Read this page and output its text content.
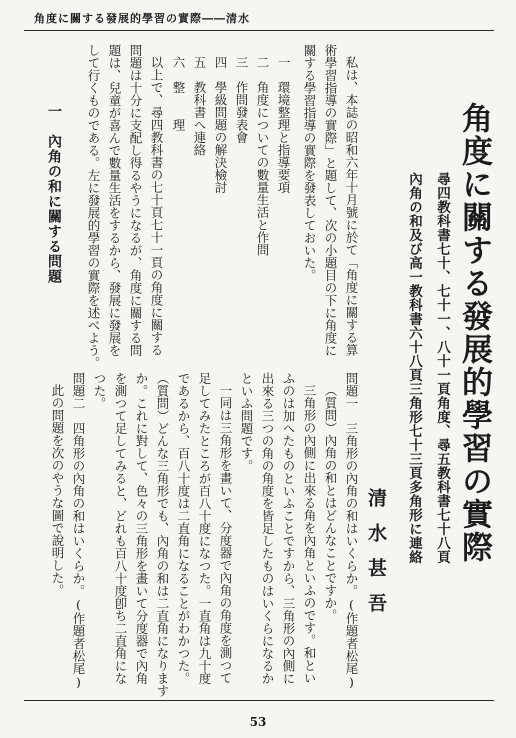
角度に關する發展的學習の實際――清水
角度に關する發展的學習の實際
尋四教科書七十、七十一、八十一頁角度、尋五教科書七十八頁
內角の和及び高一教科書六十八頁三角形七十三頁多角形に連絡
清水甚吾
私は、本誌の昭和六年十月號に於て「角度に關する算
術學習指導の實際」と題して、次の小題目の下に角度に
關する學習指導の實際を發表しておいた。
一　環境整理と指導要項
二　角度についての數量生活と作問
三　作問發表會
四　學級問題の解決檢討
五　教科書へ連絡
六　整　　理
以上で、尋四教科書の七十頁七十一頁の角度に關する
問題は十分に支配し得るやうになるが、角度に關する問
題は、兒童が喜んで數量生活をするから、發展に發展を
して行くものである。左に發展的學習の實際を述べよう。
一　內角の和に關する問題
問題一　三角形の內角の和はいくらか。(作題者松尾)
（質問）內角の和とはどんなことですか。
三角形の內側に出來る角を內角といふのです。和とい
ふのは加へたものといふことですから、三角形の內側に
出來る三つの角の角度を皆足したものはいくらになるか
といふ問題です。
一同は三角形を畫いて、分度器で內角の角度を測つて
足してみたところが百八十度になつた。一直角は九十度
であるから、百八十度は二直角になることがわかつた。
（質問）どんな三角形でも、內角の和は二直角になります
か。これに對して、色々の三角形を畫いて分度器で內角
を測つて足してみると、どれも百八十度卽ち二直角にな
つた。
問題二　四角形の內角の和はいくらか。(作題者松尾)
此の問題を次のやうな圖で說明した。
53
